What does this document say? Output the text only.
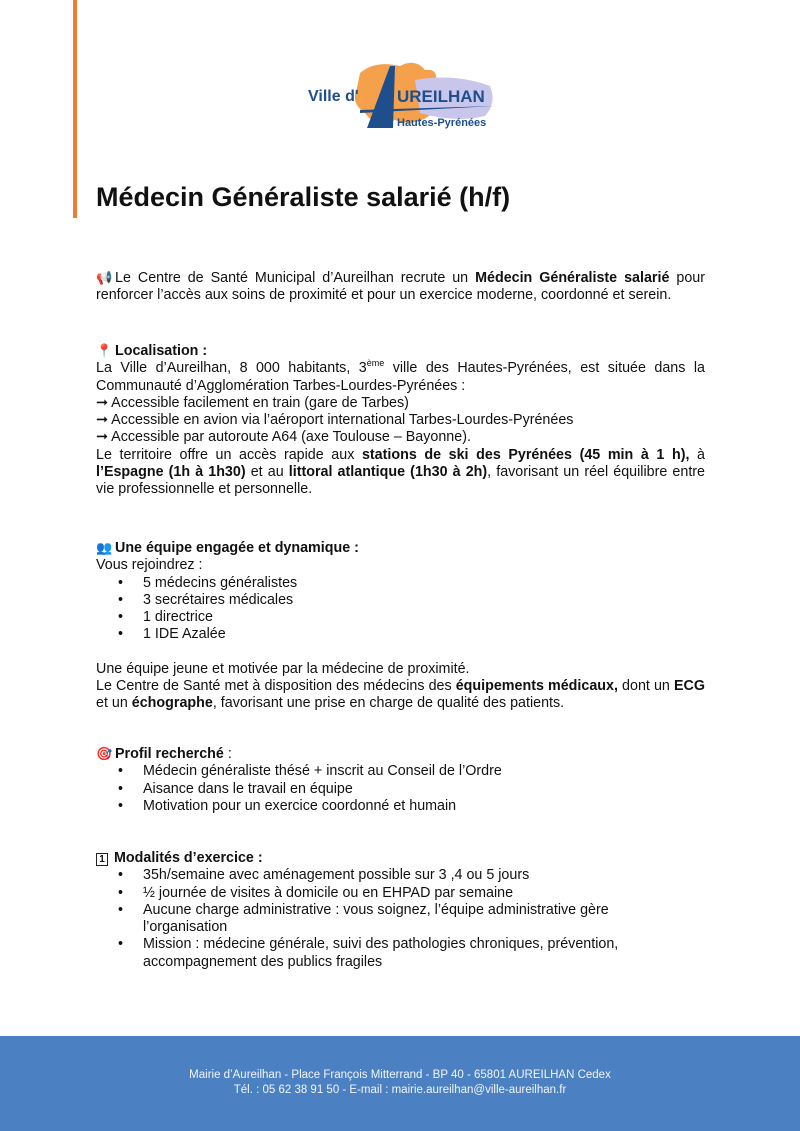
Ville d' UREILHAN
Hautes-Pyrénées
Médecin Généraliste salarié (h/f)

📢 Le Centre de Santé Municipal d’Aureilhan recrute un Médecin Généraliste salarié pour renforcer l’accès aux soins de proximité et pour un exercice moderne, coordonné et serein.

📍 Localisation :

La Ville d’Aureilhan, 8 000 habitants, 3ème ville des Hautes-Pyrénées, est située dans la Communauté d’Agglomération Tarbes-Lourdes-Pyrénées :

➞ Accessible facilement en train (gare de Tarbes)

➞ Accessible en avion via l’aéroport international Tarbes-Lourdes-Pyrénées

➞ Accessible par autoroute A64 (axe Toulouse – Bayonne).

Le territoire offre un accès rapide aux stations de ski des Pyrénées (45 min à 1 h), à l’Espagne (1h à 1h30) et au littoral atlantique (1h30 à 2h), favorisant un réel équilibre entre vie professionnelle et personnelle.

👥 Une équipe engagée et dynamique :

Vous rejoindrez :

• 5 médecins généralistes
• 3 secrétaires médicales
• 1 directrice
• 1 IDE Azalée

Une équipe jeune et motivée par la médecine de proximité.

Le Centre de Santé met à disposition des médecins des équipements médicaux, dont un ECG et un échographe, favorisant une prise en charge de qualité des patients.

🎯 Profil recherché :

• Médecin généraliste thésé + inscrit au Conseil de l’Ordre
• Aisance dans le travail en équipe
• Motivation pour un exercice coordonné et humain

1 Modalités d’exercice :

• 35h/semaine avec aménagement possible sur 3 ,4 ou 5 jours
• ½ journée de visites à domicile ou en EHPAD par semaine
• Aucune charge administrative : vous soignez, l’équipe administrative gère l’organisation
• Mission : médecine générale, suivi des pathologies chroniques, prévention, accompagnement des publics fragiles
Mairie d’Aureilhan - Place François Mitterrand - BP 40 - 65801 AUREILHAN Cedex
Tél. : 05 62 38 91 50 - E-mail : mairie.aureilhan@ville-aureilhan.fr
